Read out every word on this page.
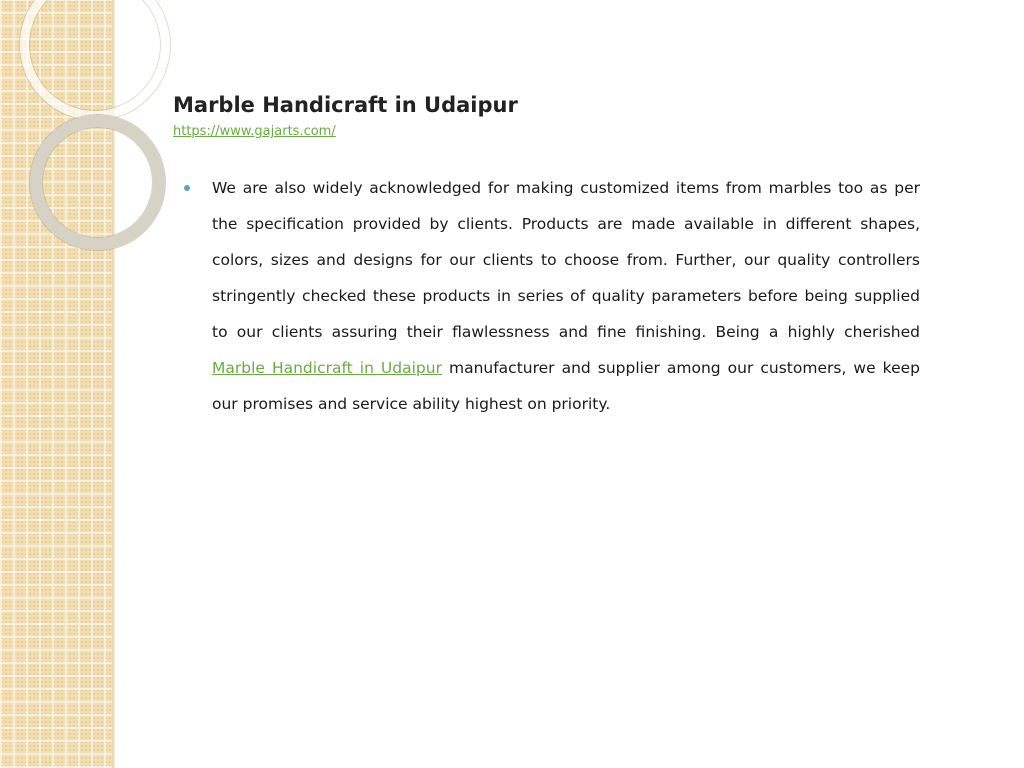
Marble Handicraft in Udaipur
https://www.gajarts.com/
We are also widely acknowledged for making customized items from marbles too as per the specification provided by clients. Products are made available in different shapes, colors, sizes and designs for our clients to choose from. Further, our quality controllers stringently checked these products in series of quality parameters before being supplied to our clients assuring their flawlessness and fine finishing. Being a highly cherished Marble Handicraft in Udaipur manufacturer and supplier among our customers, we keep our promises and service ability highest on priority.
